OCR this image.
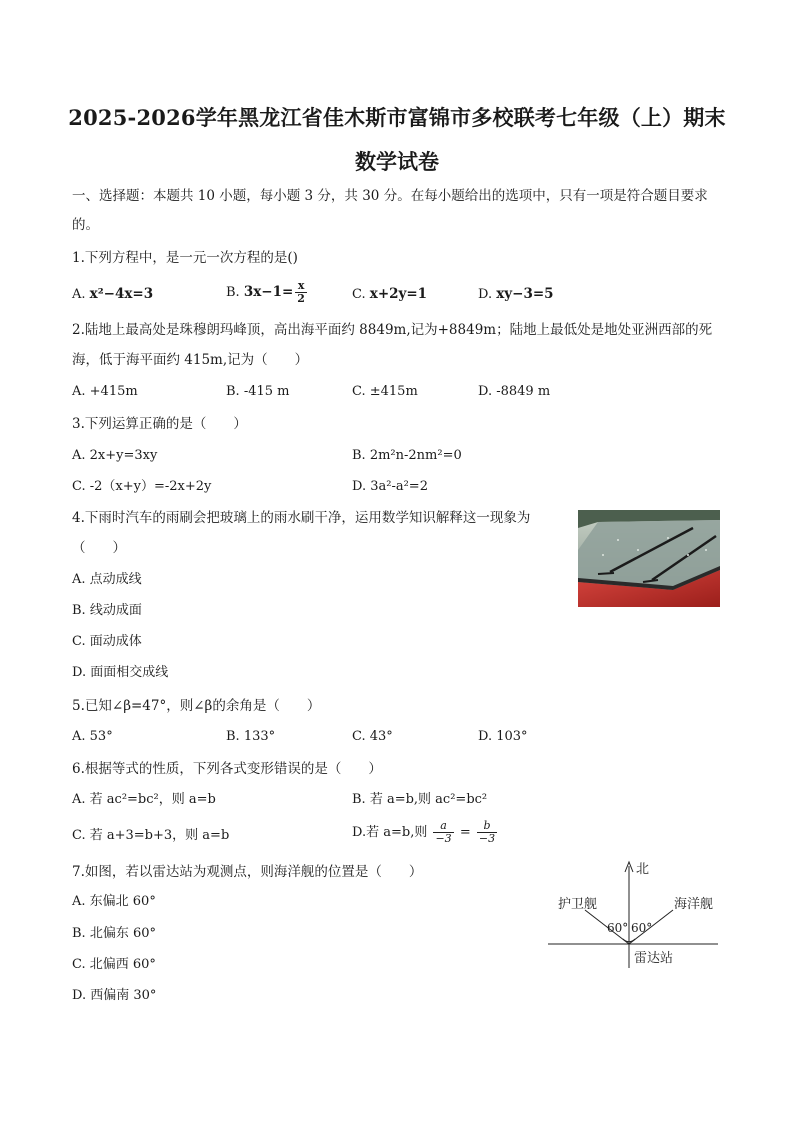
2025-2026学年黑龙江省佳木斯市富锦市多校联考七年级（上）期末
数学试卷
一、选择题：本题共 10 小题，每小题 3 分，共 30 分。在每小题给出的选项中，只有一项是符合题目要求
的。
1.下列方程中，是一元一次方程的是()
A. x²−4x=3	B. $3x-1= \frac{x}{2}$	C. x+2y=1	D. xy−3=5
2.陆地上最高处是珠穆朗玛峰顶，高出海平面约 8849m,记为+8849m；陆地上最低处是地处亚洲西部的死
海，低于海平面约 415m,记为（　　）
A. +415m	B. -415 m	C. ±415m	D. -8849 m
3.下列运算正确的是（　　）
A. 2x+y=3xy	B. 2m²n-2nm²=0
C. -2（x+y）=-2x+2y	D. 3a²-a²=2
4.下雨时汽车的雨刷会把玻璃上的雨水刷干净，运用数学知识解释这一现象为
（　　）
A. 点动成线
B. 线动成面
C. 面动成体
D. 面面相交成线
5.已知∠β=47°，则∠β的余角是（　　）
A. 53°	B. 133°	C. 43°	D. 103°
6.根据等式的性质，下列各式变形错误的是（　　）
A. 若 ac²=bc²，则 a=b	B. 若 a=b,则 ac²=bc²
C. 若 a+3=b+3，则 a=b	D.若 a=b,则 $\frac{a}{-3} = \frac{b}{-3}$
7.如图，若以雷达站为观测点，则海洋舰的位置是（　　）
A. 东偏北 60°
B. 北偏东 60°
C. 北偏西 60°
D. 西偏南 30°
北
护卫舰	海洋舰
60° 60°
雷达站
